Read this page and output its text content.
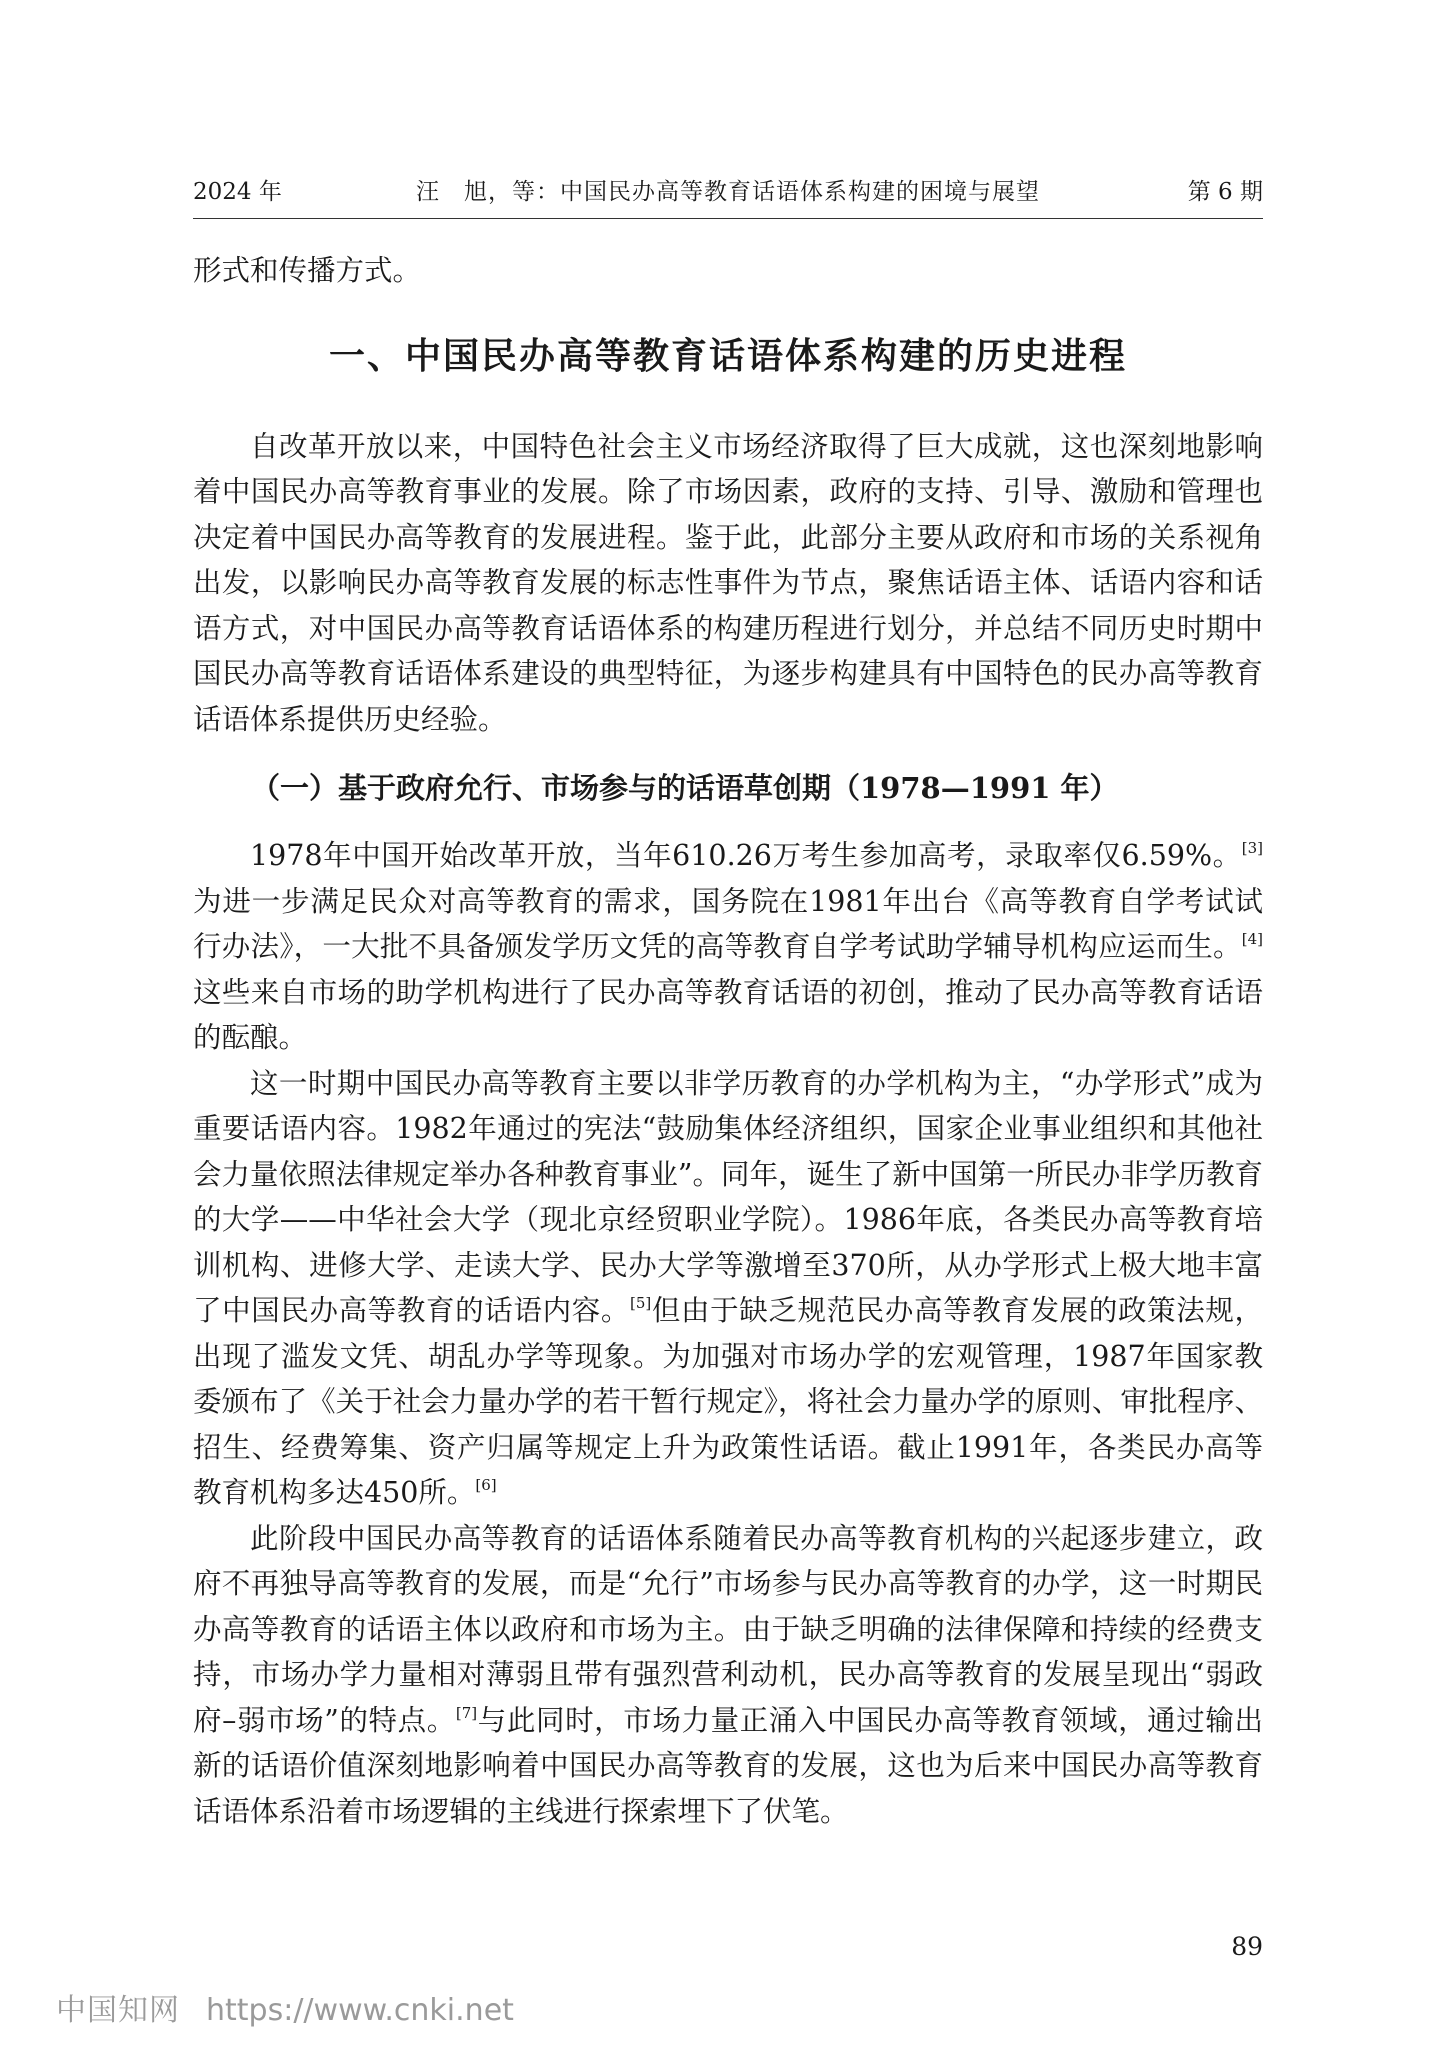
2024 年	汪　旭，等：中国民办高等教育话语体系构建的困境与展望	第 6 期

形式和传播方式。

一、中国民办高等教育话语体系构建的历史进程

自改革开放以来，中国特色社会主义市场经济取得了巨大成就，这也深刻地影响着中国民办高等教育事业的发展。除了市场因素，政府的支持、引导、激励和管理也决定着中国民办高等教育的发展进程。鉴于此，此部分主要从政府和市场的关系视角出发，以影响民办高等教育发展的标志性事件为节点，聚焦话语主体、话语内容和话语方式，对中国民办高等教育话语体系的构建历程进行划分，并总结不同历史时期中国民办高等教育话语体系建设的典型特征，为逐步构建具有中国特色的民办高等教育话语体系提供历史经验。

（一）基于政府允行、市场参与的话语草创期（1978—1991 年）

1978年中国开始改革开放，当年610.26万考生参加高考，录取率仅6.59%。[3]为进一步满足民众对高等教育的需求，国务院在1981年出台《高等教育自学考试试行办法》，一大批不具备颁发学历文凭的高等教育自学考试助学辅导机构应运而生。[4]这些来自市场的助学机构进行了民办高等教育话语的初创，推动了民办高等教育话语的酝酿。

这一时期中国民办高等教育主要以非学历教育的办学机构为主，“办学形式”成为重要话语内容。1982年通过的宪法“鼓励集体经济组织，国家企业事业组织和其他社会力量依照法律规定举办各种教育事业”。同年，诞生了新中国第一所民办非学历教育的大学——中华社会大学（现北京经贸职业学院）。1986年底，各类民办高等教育培训机构、进修大学、走读大学、民办大学等激增至370所，从办学形式上极大地丰富了中国民办高等教育的话语内容。[5]但由于缺乏规范民办高等教育发展的政策法规，出现了滥发文凭、胡乱办学等现象。为加强对市场办学的宏观管理，1987年国家教委颁布了《关于社会力量办学的若干暂行规定》，将社会力量办学的原则、审批程序、招生、经费筹集、资产归属等规定上升为政策性话语。截止1991年，各类民办高等教育机构多达450所。[6]

此阶段中国民办高等教育的话语体系随着民办高等教育机构的兴起逐步建立，政府不再独导高等教育的发展，而是“允行”市场参与民办高等教育的办学，这一时期民办高等教育的话语主体以政府和市场为主。由于缺乏明确的法律保障和持续的经费支持，市场办学力量相对薄弱且带有强烈营利动机，民办高等教育的发展呈现出“弱政府–弱市场”的特点。[7]与此同时，市场力量正涌入中国民办高等教育领域，通过输出新的话语价值深刻地影响着中国民办高等教育的发展，这也为后来中国民办高等教育话语体系沿着市场逻辑的主线进行探索埋下了伏笔。

89
中国知网 https://www.cnki.net
